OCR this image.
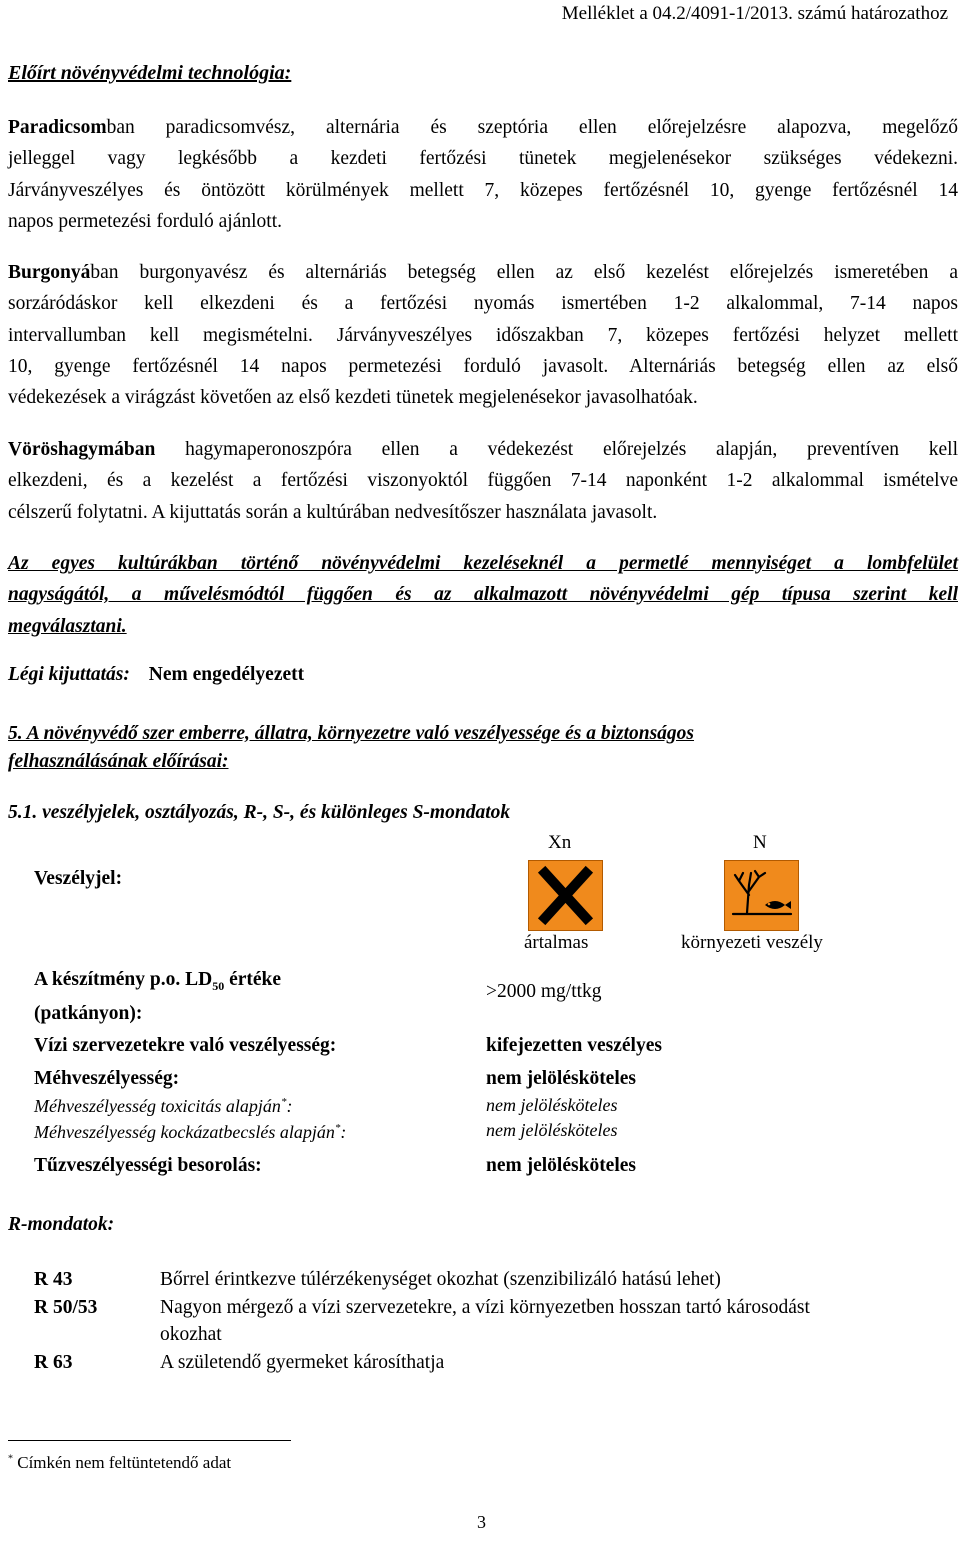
Melléklet a 04.2/4091-1/2013. számú határozathoz
Előírt növényvédelmi technológia:
Paradicsomban paradicsomvész, alternária és szeptória ellen előrejelzésre alapozva, megelőző
jelleggel vagy legkésőbb a kezdeti fertőzési tünetek megjelenésekor szükséges védekezni.
Járványveszélyes és öntözött körülmények mellett 7, közepes fertőzésnél 10, gyenge fertőzésnél 14
napos permetezési forduló ajánlott.
Burgonyában burgonyavész és alternáriás betegség ellen az első kezelést előrejelzés ismeretében a
sorzáródáskor kell elkezdeni és a fertőzési nyomás ismertében 1-2 alkalommal, 7-14 napos
intervallumban kell megismételni. Járványveszélyes időszakban 7, közepes fertőzési helyzet mellett
10, gyenge fertőzésnél 14 napos permetezési forduló javasolt. Alternáriás betegség ellen az első
védekezések a virágzást követően az első kezdeti tünetek megjelenésekor javasolhatóak.
Vöröshagymában hagymaperonoszpóra ellen a védekezést előrejelzés alapján, preventíven kell
elkezdeni, és a kezelést a fertőzési viszonyoktól függően 7-14 naponként 1-2 alkalommal ismételve
célszerű folytatni. A kijuttatás során a kultúrában nedvesítőszer használata javasolt.
Az egyes kultúrákban történő növényvédelmi kezeléseknél a permetlé mennyiséget a lombfelület
nagyságától, a művelésmódtól függően és az alkalmazott növényvédelmi gép típusa szerint kell
megválasztani.
Légi kijuttatás: Nem engedélyezett
5. A növényvédő szer emberre, állatra, környezetre való veszélyessége és a biztonságos
felhasználásának előírásai:
5.1. veszélyjelek, osztályozás, R-, S-, és különleges S-mondatok
Veszélyjel:
Xn	N
ártalmas	környezeti veszély
A készítmény p.o. $LD_{50}$ értéke
(patkányon):
>2000 mg/ttkg
Vízi szervezetekre való veszélyesség:	kifejezetten veszélyes
Méhveszélyesség:	nem jelölésköteles
Méhveszélyesség toxicitás alapján*:	nem jelölésköteles
Méhveszélyesség kockázatbecslés alapján*:	nem jelölésköteles
Tűzveszélyességi besorolás:	nem jelölésköteles
R-mondatok:
R 43	Bőrrel érintkezve túlérzékenységet okozhat (szenzibilizáló hatású lehet)
R 50/53	Nagyon mérgező a vízi szervezetekre, a vízi környezetben hosszan tartó károsodást
okozhat
R 63	A születendő gyermeket károsíthatja
* Címkén nem feltüntetendő adat
3
